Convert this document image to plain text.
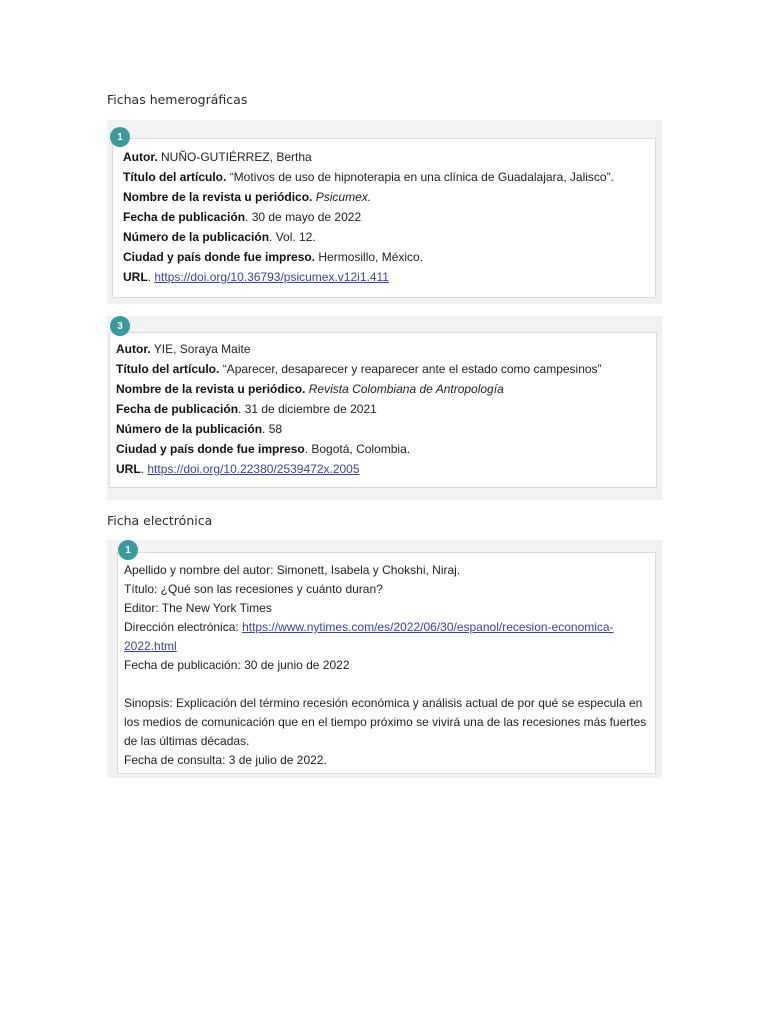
Fichas hemerográficas
Autor. NUÑO-GUTIÉRREZ, Bertha
Título del artículo. “Motivos de uso de hipnoterapia en una clínica de Guadalajara, Jalisco”.
Nombre de la revista u periódico. Psicumex.
Fecha de publicación. 30 de mayo de 2022
Número de la publicación. Vol. 12.
Ciudad y país donde fue impreso. Hermosillo, México.
URL. https://doi.org/10.36793/psicumex.v12i1.411
1
Autor. YIE, Soraya Maite
Título del artículo. “Aparecer, desaparecer y reaparecer ante el estado como campesinos”
Nombre de la revista u periódico. Revista Colombiana de Antropología
Fecha de publicación. 31 de diciembre de 2021
Número de la publicación. 58
Ciudad y país donde fue impreso. Bogotá, Colombia.
URL. https://doi.org/10.22380/2539472x.2005
3
Ficha electrónica
Apellido y nombre del autor: Simonett, Isabela y Chokshi, Niraj.
Título: ¿Qué son las recesiones y cuánto duran?
Editor: The New York Times
Dirección electrónica: https://www.nytimes.com/es/2022/06/30/espanol/recesion-economica-
2022.html
Fecha de publicación: 30 de junio de 2022
Sinopsis: Explicación del término recesión económica y análisis actual de por qué se especula en
los medios de comunicación que en el tiempo próximo se vivirá una de las recesiones más fuertes
de las últimas décadas.
Fecha de consulta: 3 de julio de 2022.
1
